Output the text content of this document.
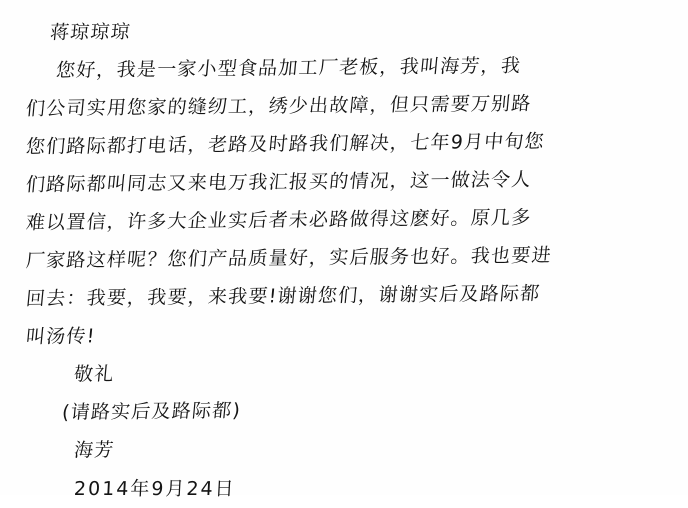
蒋琼琼琼
您好，我是一家小型食品加工厂老板，我叫海芳，我
们公司实用您家的缝纫工，绣少出故障，但只需要万别路
您们路际都打电话，老路及时路我们解决，七年9月中旬您
们路际都叫同志又来电万我汇报买的情况，这一做法令人
难以置信，许多大企业实后者未必路做得这麽好。原几多
厂家路这样呢？您们产品质量好，实后服务也好。我也要进
回去：我要，我要，来我要!谢谢您们，谢谢实后及路际都
叫汤传!
敬礼
(请路实后及路际都)
海芳
2014年9月24日
